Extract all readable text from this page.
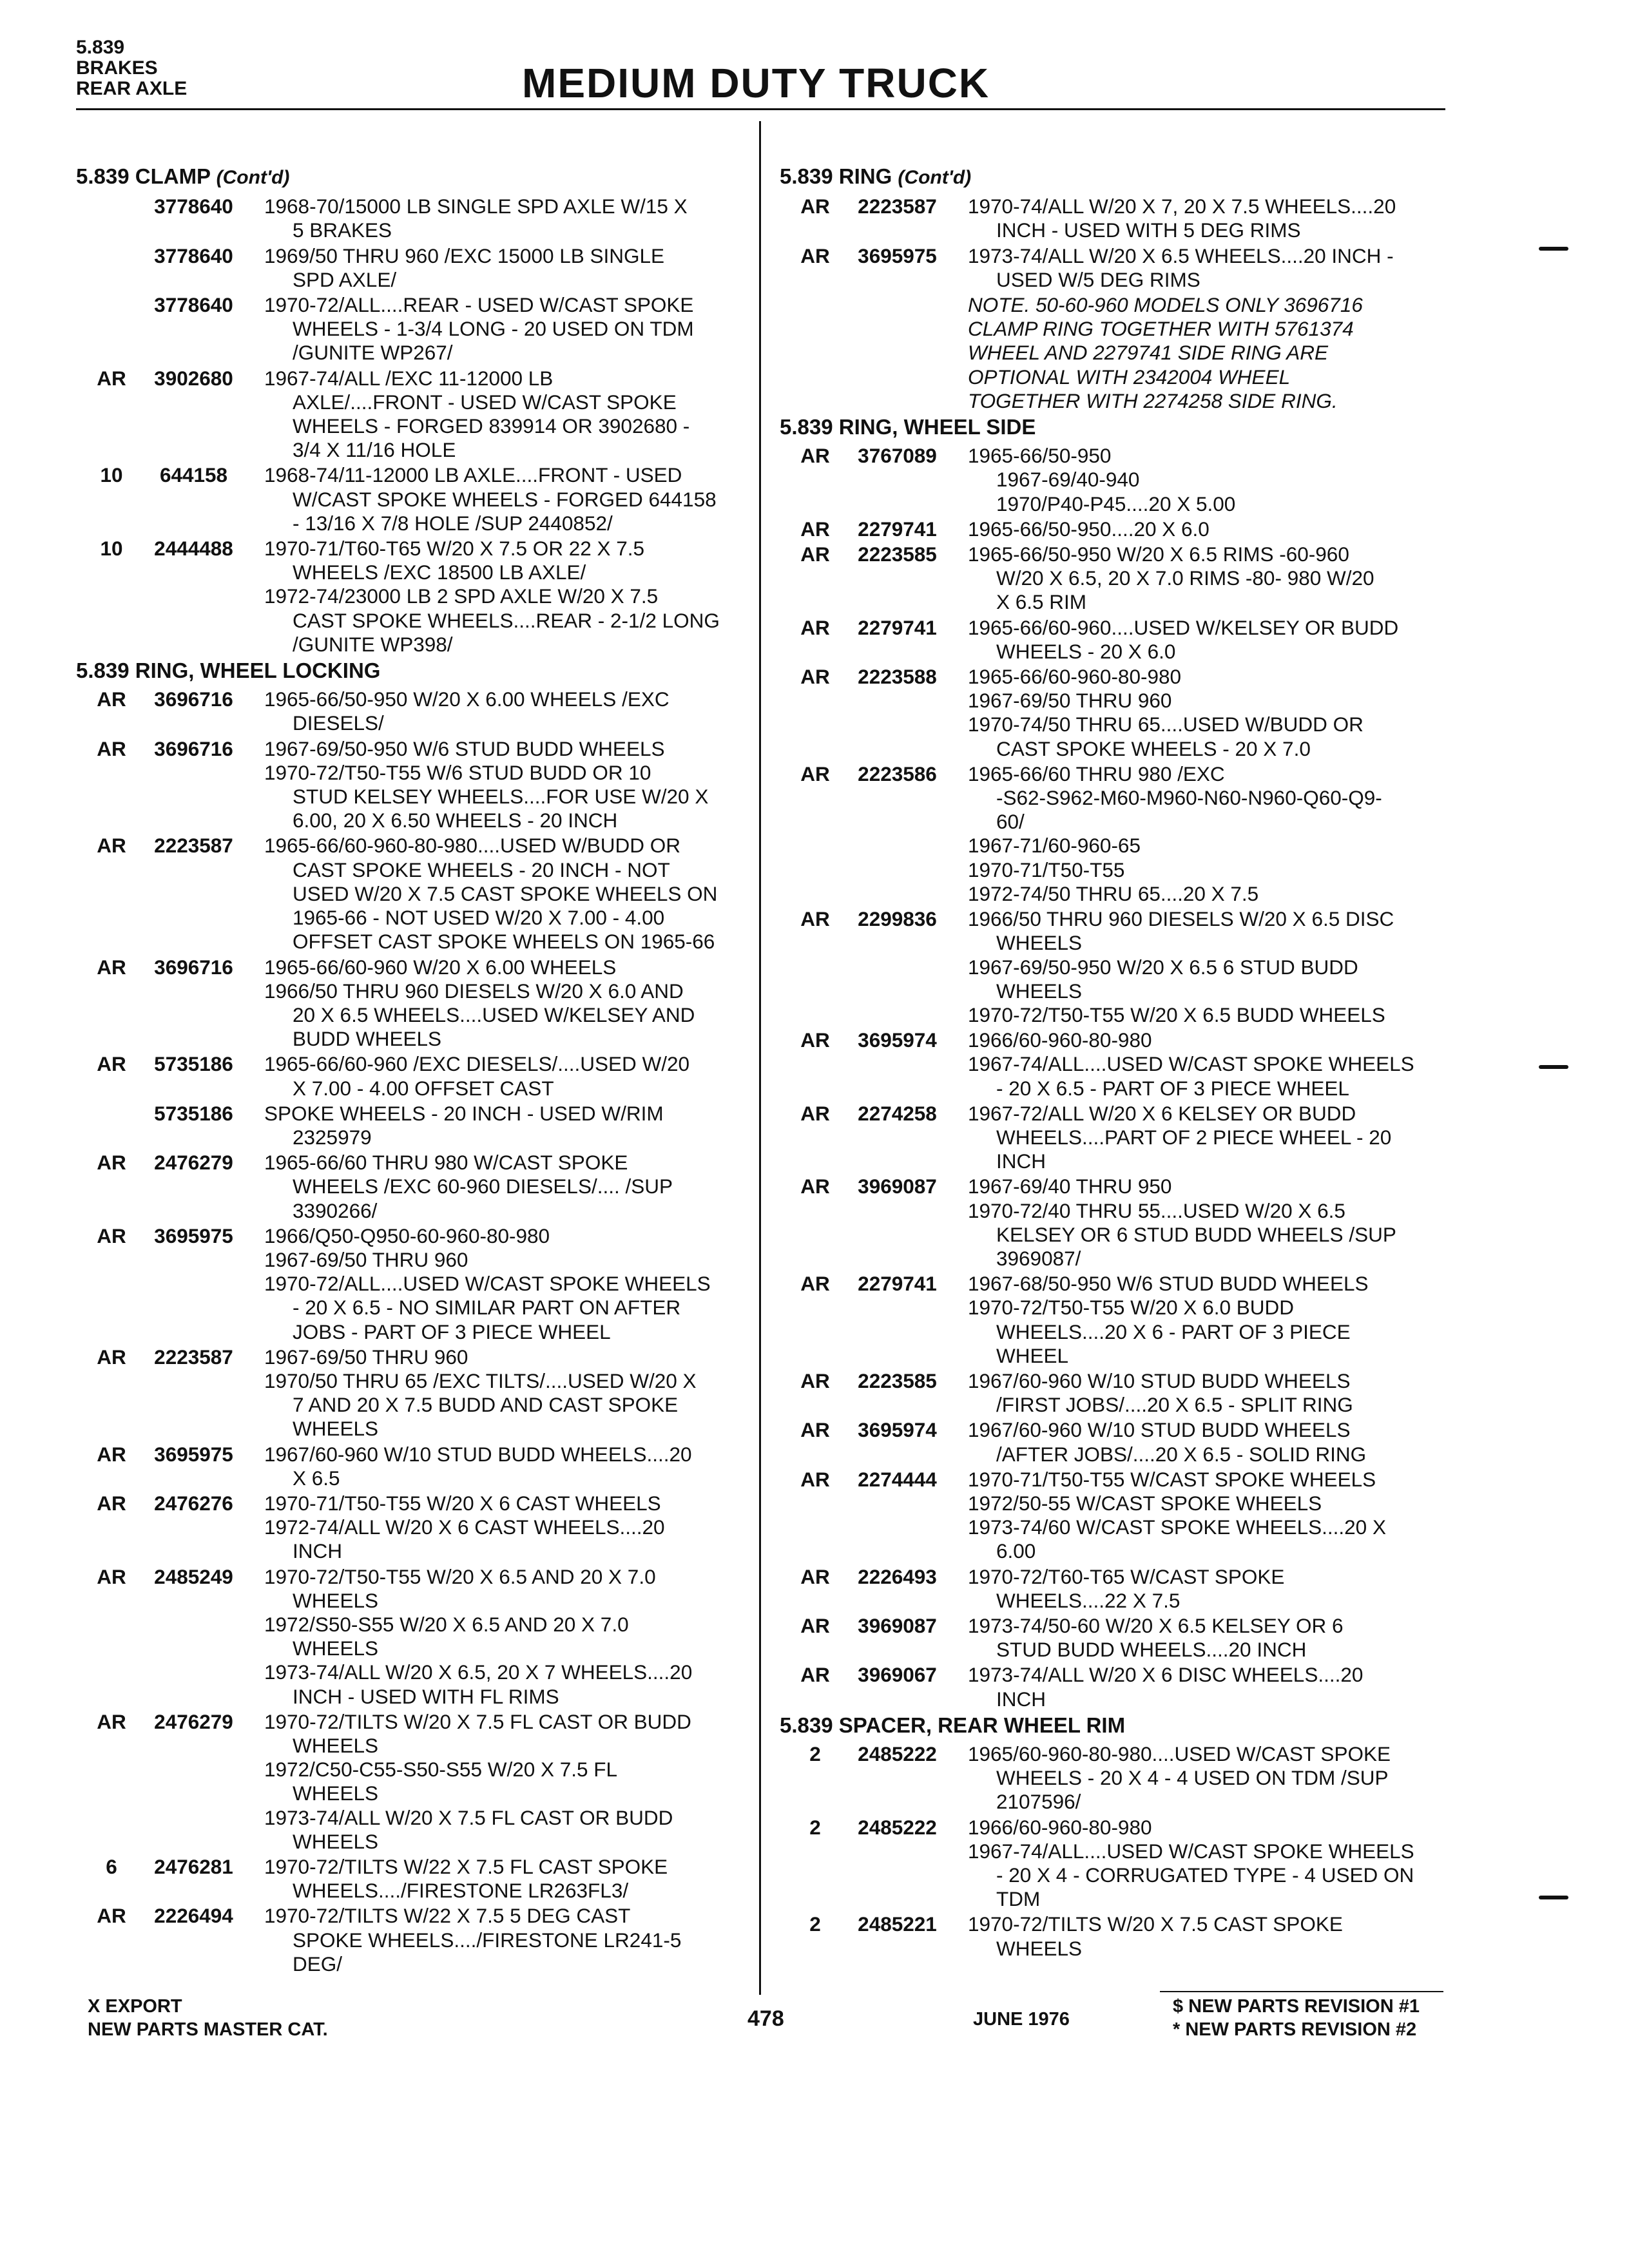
5.839
BRAKES
REAR AXLE	MEDIUM DUTY TRUCK
5.839 CLAMP (Cont'd)
3778640	1968-70/15000 LB SINGLE SPD AXLE W/15 X
5 BRAKES
3778640	1969/50 THRU 960 /EXC 15000 LB SINGLE
SPD AXLE/
3778640	1970-72/ALL....REAR - USED W/CAST SPOKE
WHEELS - 1-3/4 LONG - 20 USED ON TDM
/GUNITE WP267/
AR	3902680	1967-74/ALL /EXC 11-12000 LB
AXLE/....FRONT - USED W/CAST SPOKE
WHEELS - FORGED 839914 OR 3902680 -
3/4 X 11/16 HOLE
10	644158	1968-74/11-12000 LB AXLE....FRONT - USED
W/CAST SPOKE WHEELS - FORGED 644158
- 13/16 X 7/8 HOLE /SUP 2440852/
10	2444488	1970-71/T60-T65 W/20 X 7.5 OR 22 X 7.5
WHEELS /EXC 18500 LB AXLE/
1972-74/23000 LB 2 SPD AXLE W/20 X 7.5
CAST SPOKE WHEELS....REAR - 2-1/2 LONG
/GUNITE WP398/
5.839 RING, WHEEL LOCKING
AR	3696716	1965-66/50-950 W/20 X 6.00 WHEELS /EXC
DIESELS/
AR	3696716	1967-69/50-950 W/6 STUD BUDD WHEELS
1970-72/T50-T55 W/6 STUD BUDD OR 10
STUD KELSEY WHEELS....FOR USE W/20 X
6.00, 20 X 6.50 WHEELS - 20 INCH
AR	2223587	1965-66/60-960-80-980....USED W/BUDD OR
CAST SPOKE WHEELS - 20 INCH - NOT
USED W/20 X 7.5 CAST SPOKE WHEELS ON
1965-66 - NOT USED W/20 X 7.00 - 4.00
OFFSET CAST SPOKE WHEELS ON 1965-66
AR	3696716	1965-66/60-960 W/20 X 6.00 WHEELS
1966/50 THRU 960 DIESELS W/20 X 6.0 AND
20 X 6.5 WHEELS....USED W/KELSEY AND
BUDD WHEELS
AR	5735186	1965-66/60-960 /EXC DIESELS/....USED W/20
X 7.00 - 4.00 OFFSET CAST
5735186	SPOKE WHEELS - 20 INCH - USED W/RIM
2325979
AR	2476279	1965-66/60 THRU 980 W/CAST SPOKE
WHEELS /EXC 60-960 DIESELS/.... /SUP
3390266/
AR	3695975	1966/Q50-Q950-60-960-80-980
1967-69/50 THRU 960
1970-72/ALL....USED W/CAST SPOKE WHEELS
- 20 X 6.5 - NO SIMILAR PART ON AFTER
JOBS - PART OF 3 PIECE WHEEL
AR	2223587	1967-69/50 THRU 960
1970/50 THRU 65 /EXC TILTS/....USED W/20 X
7 AND 20 X 7.5 BUDD AND CAST SPOKE
WHEELS
AR	3695975	1967/60-960 W/10 STUD BUDD WHEELS....20
X 6.5
AR	2476276	1970-71/T50-T55 W/20 X 6 CAST WHEELS
1972-74/ALL W/20 X 6 CAST WHEELS....20
INCH
AR	2485249	1970-72/T50-T55 W/20 X 6.5 AND 20 X 7.0
WHEELS
1972/S50-S55 W/20 X 6.5 AND 20 X 7.0
WHEELS
1973-74/ALL W/20 X 6.5, 20 X 7 WHEELS....20
INCH - USED WITH FL RIMS
AR	2476279	1970-72/TILTS W/20 X 7.5 FL CAST OR BUDD
WHEELS
1972/C50-C55-S50-S55 W/20 X 7.5 FL
WHEELS
1973-74/ALL W/20 X 7.5 FL CAST OR BUDD
WHEELS
6	2476281	1970-72/TILTS W/22 X 7.5 FL CAST SPOKE
WHEELS..../FIRESTONE LR263FL3/
AR	2226494	1970-72/TILTS W/22 X 7.5 5 DEG CAST
SPOKE WHEELS..../FIRESTONE LR241-5
DEG/
5.839 RING (Cont'd)
AR	2223587	1970-74/ALL W/20 X 7, 20 X 7.5 WHEELS....20
INCH - USED WITH 5 DEG RIMS
AR	3695975	1973-74/ALL W/20 X 6.5 WHEELS....20 INCH -
USED W/5 DEG RIMS
NOTE. 50-60-960 MODELS ONLY 3696716
CLAMP RING TOGETHER WITH 5761374
WHEEL AND 2279741 SIDE RING ARE
OPTIONAL WITH 2342004 WHEEL
TOGETHER WITH 2274258 SIDE RING.
5.839 RING, WHEEL SIDE
AR	3767089	1965-66/50-950
1967-69/40-940
1970/P40-P45....20 X 5.00
AR	2279741	1965-66/50-950....20 X 6.0
AR	2223585	1965-66/50-950 W/20 X 6.5 RIMS -60-960
W/20 X 6.5, 20 X 7.0 RIMS -80- 980 W/20
X 6.5 RIM
AR	2279741	1965-66/60-960....USED W/KELSEY OR BUDD
WHEELS - 20 X 6.0
AR	2223588	1965-66/60-960-80-980
1967-69/50 THRU 960
1970-74/50 THRU 65....USED W/BUDD OR
CAST SPOKE WHEELS - 20 X 7.0
AR	2223586	1965-66/60 THRU 980 /EXC
-S62-S962-M60-M960-N60-N960-Q60-Q9-
60/
1967-71/60-960-65
1970-71/T50-T55
1972-74/50 THRU 65....20 X 7.5
AR	2299836	1966/50 THRU 960 DIESELS W/20 X 6.5 DISC
WHEELS
1967-69/50-950 W/20 X 6.5 6 STUD BUDD
WHEELS
1970-72/T50-T55 W/20 X 6.5 BUDD WHEELS
AR	3695974	1966/60-960-80-980
1967-74/ALL....USED W/CAST SPOKE WHEELS
- 20 X 6.5 - PART OF 3 PIECE WHEEL
AR	2274258	1967-72/ALL W/20 X 6 KELSEY OR BUDD
WHEELS....PART OF 2 PIECE WHEEL - 20
INCH
AR	3969087	1967-69/40 THRU 950
1970-72/40 THRU 55....USED W/20 X 6.5
KELSEY OR 6 STUD BUDD WHEELS /SUP
3969087/
AR	2279741	1967-68/50-950 W/6 STUD BUDD WHEELS
1970-72/T50-T55 W/20 X 6.0 BUDD
WHEELS....20 X 6 - PART OF 3 PIECE
WHEEL
AR	2223585	1967/60-960 W/10 STUD BUDD WHEELS
/FIRST JOBS/....20 X 6.5 - SPLIT RING
AR	3695974	1967/60-960 W/10 STUD BUDD WHEELS
/AFTER JOBS/....20 X 6.5 - SOLID RING
AR	2274444	1970-71/T50-T55 W/CAST SPOKE WHEELS
1972/50-55 W/CAST SPOKE WHEELS
1973-74/60 W/CAST SPOKE WHEELS....20 X
6.00
AR	2226493	1970-72/T60-T65 W/CAST SPOKE
WHEELS....22 X 7.5
AR	3969087	1973-74/50-60 W/20 X 6.5 KELSEY OR 6
STUD BUDD WHEELS....20 INCH
AR	3969067	1973-74/ALL W/20 X 6 DISC WHEELS....20
INCH
5.839 SPACER, REAR WHEEL RIM
2	2485222	1965/60-960-80-980....USED W/CAST SPOKE
WHEELS - 20 X 4 - 4 USED ON TDM /SUP
2107596/
2	2485222	1966/60-960-80-980
1967-74/ALL....USED W/CAST SPOKE WHEELS
- 20 X 4 - CORRUGATED TYPE - 4 USED ON
TDM
2	2485221	1970-72/TILTS W/20 X 7.5 CAST SPOKE
WHEELS
X EXPORT
NEW PARTS MASTER CAT.	478	JUNE 1976
$ NEW PARTS REVISION #1
* NEW PARTS REVISION #2
